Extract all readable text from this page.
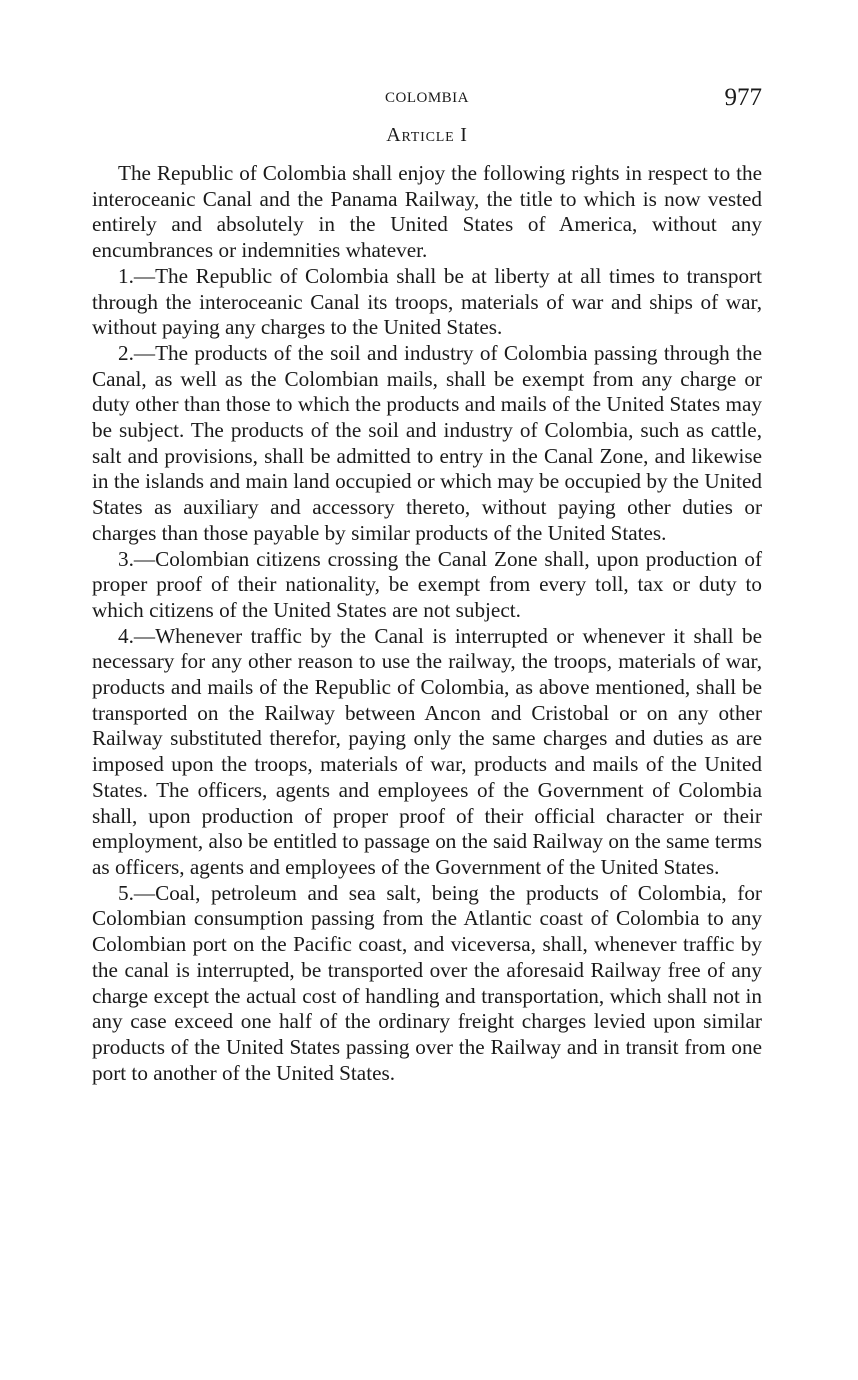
COLOMBIA	977
Article I

The Republic of Colombia shall enjoy the following rights in respect to the interoceanic Canal and the Panama Railway, the title to which is now vested entirely and absolutely in the United States of America, without any encumbrances or indemnities whatever.

1.—The Republic of Colombia shall be at liberty at all times to transport through the interoceanic Canal its troops, materials of war and ships of war, without paying any charges to the United States.

2.—The products of the soil and industry of Colombia passing through the Canal, as well as the Colombian mails, shall be exempt from any charge or duty other than those to which the products and mails of the United States may be subject. The products of the soil and industry of Colombia, such as cattle, salt and provisions, shall be admitted to entry in the Canal Zone, and likewise in the islands and main land occupied or which may be occupied by the United States as auxiliary and accessory thereto, without paying other duties or charges than those payable by similar products of the United States.

3.—Colombian citizens crossing the Canal Zone shall, upon production of proper proof of their nationality, be exempt from every toll, tax or duty to which citizens of the United States are not subject.

4.—Whenever traffic by the Canal is interrupted or whenever it shall be necessary for any other reason to use the railway, the troops, materials of war, products and mails of the Republic of Colombia, as above mentioned, shall be transported on the Railway between Ancon and Cristobal or on any other Railway substituted therefor, paying only the same charges and duties as are imposed upon the troops, materials of war, products and mails of the United States. The officers, agents and employees of the Government of Colombia shall, upon production of proper proof of their official character or their employment, also be entitled to passage on the said Railway on the same terms as officers, agents and employees of the Government of the United States.

5.—Coal, petroleum and sea salt, being the products of Colombia, for Colombian consumption passing from the Atlantic coast of Colombia to any Colombian port on the Pacific coast, and viceversa, shall, whenever traffic by the canal is interrupted, be transported over the aforesaid Railway free of any charge except the actual cost of handling and transportation, which shall not in any case exceed one half of the ordinary freight charges levied upon similar products of the United States passing over the Railway and in transit from one port to another of the United States.
